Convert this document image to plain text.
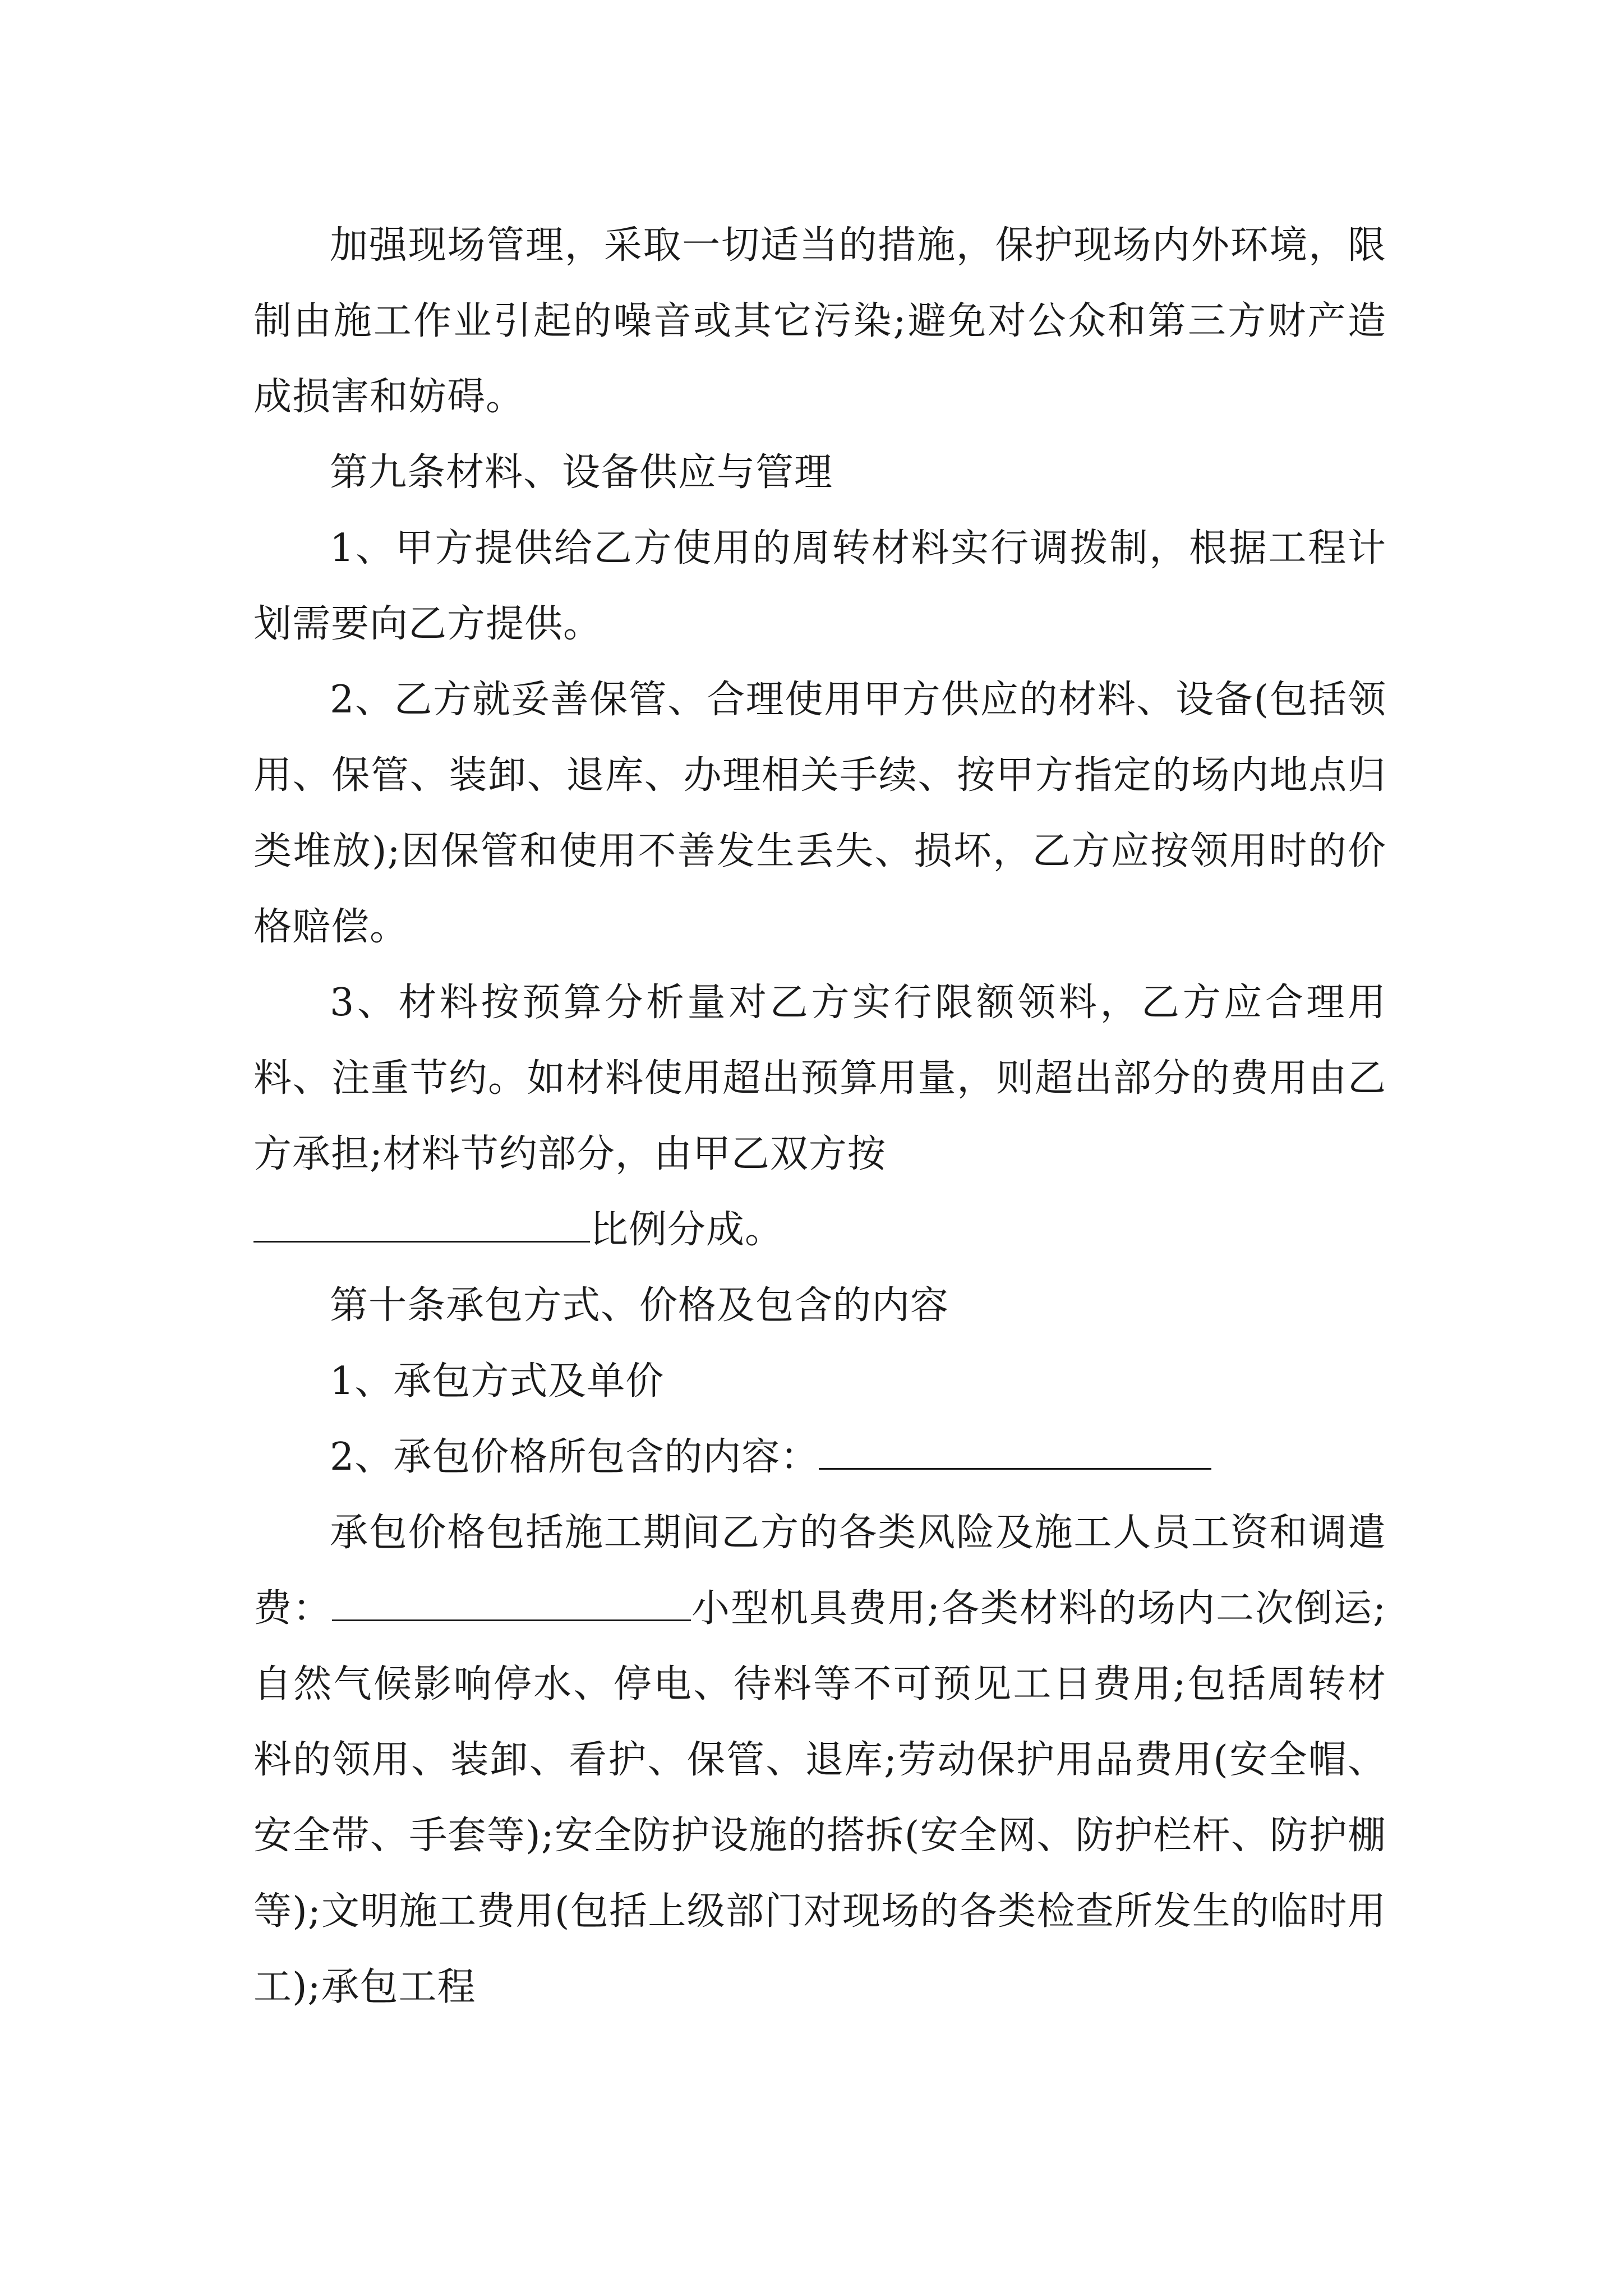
加强现场管理，采取一切适当的措施，保护现场内外环境，限制由施工作业引起的噪音或其它污染;避免对公众和第三方财产造成损害和妨碍。

第九条材料、设备供应与管理

1、甲方提供给乙方使用的周转材料实行调拨制，根据工程计划需要向乙方提供。

2、乙方就妥善保管、合理使用甲方供应的材料、设备(包括领用、保管、装卸、退库、办理相关手续、按甲方指定的场内地点归类堆放);因保管和使用不善发生丢失、损坏，乙方应按领用时的价格赔偿。

3、材料按预算分析量对乙方实行限额领料，乙方应合理用料、注重节约。如材料使用超出预算用量，则超出部分的费用由乙方承担;材料节约部分，由甲乙双方按
比例分成。

第十条承包方式、价格及包含的内容

1、承包方式及单价

2、承包价格所包含的内容：

承包价格包括施工期间乙方的各类风险及施工人员工资和调遣费：	小型机具费用;各类材料的场内二次倒运;自然气候影响停水、停电、待料等不可预见工日费用;包括周转材料的领用、装卸、看护、保管、退库;劳动保护用品费用(安全帽、安全带、手套等);安全防护设施的搭拆(安全网、防护栏杆、防护棚等);文明施工费用(包括上级部门对现场的各类检查所发生的临时用工);承包工程
